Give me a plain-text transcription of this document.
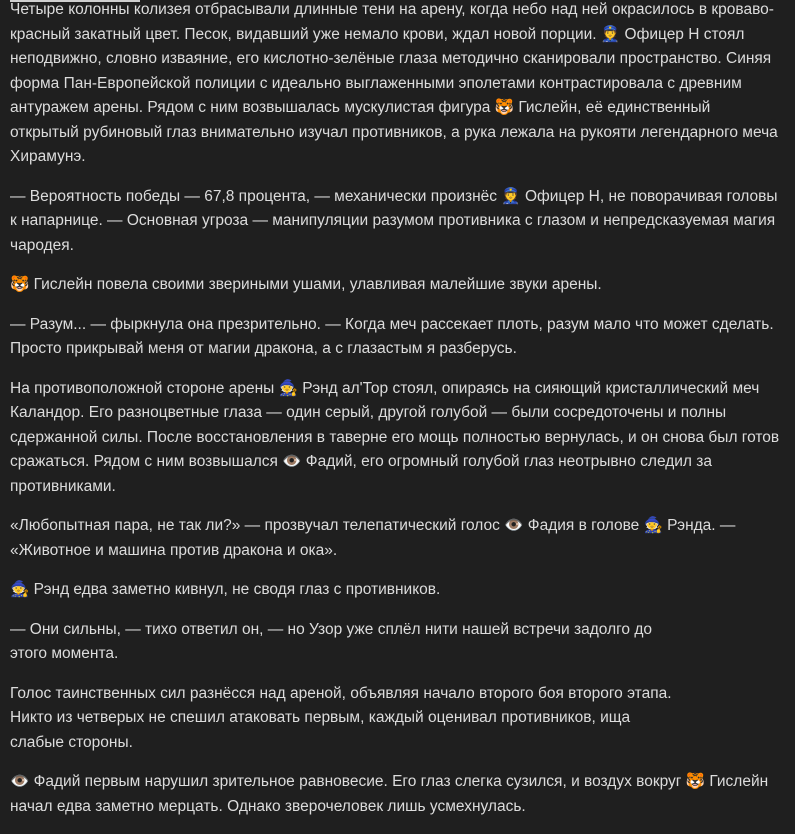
Четыре колонны колизея отбрасывали длинные тени на арену, когда небо над ней окрасилось в кроваво-красный закатный цвет. Песок, видавший уже немало крови, ждал новой порции. 👮 Офицер Н стоял неподвижно, словно изваяние, его кислотно-зелёные глаза методично сканировали пространство. Синяя форма Пан-Европейской полиции с идеально выглаженными эполетами контрастировала с древним антуражем арены. Рядом с ним возвышалась мускулистая фигура 🐯 Гислейн, её единственный открытый рубиновый глаз внимательно изучал противников, а рука лежала на рукояти легендарного меча Хирамунэ.

— Вероятность победы — 67,8 процента, — механически произнёс 👮 Офицер Н, не поворачивая головы к напарнице. — Основная угроза — манипуляции разумом противника с глазом и непредсказуемая магия чародея.

🐯 Гислейн повела своими звериными ушами, улавливая малейшие звуки арены.

— Разум... — фыркнула она презрительно. — Когда меч рассекает плоть, разум мало что может сделать. Просто прикрывай меня от магии дракона, а с глазастым я разберусь.

На противоположной стороне арены 🧙 Рэнд ал'Тор стоял, опираясь на сияющий кристаллический меч Каландор. Его разноцветные глаза — один серый, другой голубой — были сосредоточены и полны сдержанной силы. После восстановления в таверне его мощь полностью вернулась, и он снова был готов сражаться. Рядом с ним возвышался 👁️ Фадий, его огромный голубой глаз неотрывно следил за противниками.

«Любопытная пара, не так ли?» — прозвучал телепатический голос 👁️ Фадия в голове 🧙 Рэнда. — «Животное и машина против дракона и ока».

🧙 Рэнд едва заметно кивнул, не сводя глаз с противников.

— Они сильны, — тихо ответил он, — но Узор уже сплёл нити нашей встречи задолго до
этого момента.

Голос таинственных сил разнёсся над ареной, объявляя начало второго боя второго этапа.
Никто из четверых не спешил атаковать первым, каждый оценивал противников, ища
слабые стороны.

👁️ Фадий первым нарушил зрительное равновесие. Его глаз слегка сузился, и воздух вокруг 🐯 Гислейн начал едва заметно мерцать. Однако зверочеловек лишь усмехнулась.
